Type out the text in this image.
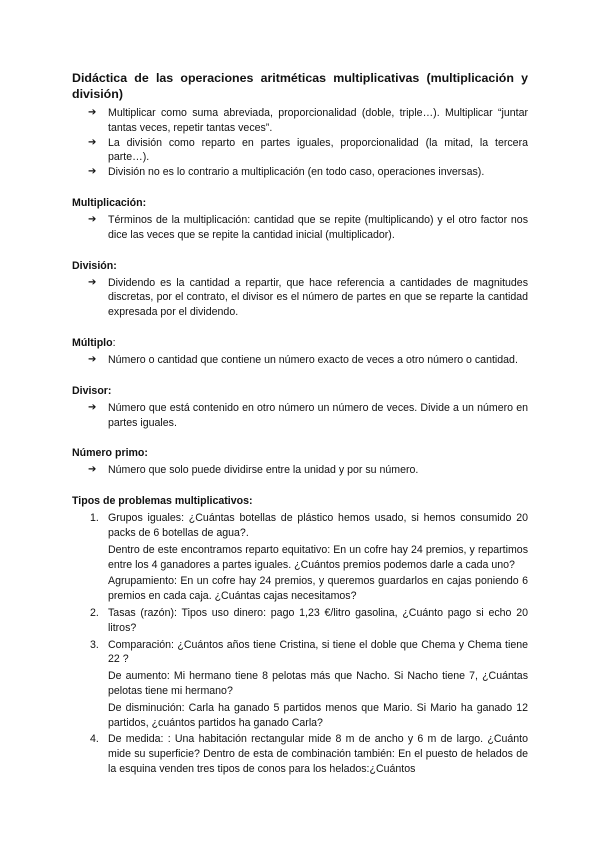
Didáctica de las operaciones aritméticas multiplicativas (multiplicación y división)
➔ Multiplicar como suma abreviada, proporcionalidad (doble, triple…). Multiplicar “juntar tantas veces, repetir tantas veces”.
➔ La división como reparto en partes iguales, proporcionalidad (la mitad, la tercera parte…).
➔ División no es lo contrario a multiplicación (en todo caso, operaciones inversas).
Multiplicación:
➔ Términos de la multiplicación: cantidad que se repite (multiplicando) y el otro factor nos dice las veces que se repite la cantidad inicial (multiplicador).
División:
➔ Dividendo es la cantidad a repartir, que hace referencia a cantidades de magnitudes discretas, por el contrato, el divisor es el número de partes en que se reparte la cantidad expresada por el dividendo.
Múltiplo:
➔ Número o cantidad que contiene un número exacto de veces a otro número o cantidad.
Divisor:
➔ Número que está contenido en otro número un número de veces. Divide a un número en partes iguales.
Número primo:
➔ Número que solo puede dividirse entre la unidad y por su número.
Tipos de problemas multiplicativos:
1. Grupos iguales: ¿Cuántas botellas de plástico hemos usado, si hemos consumido 20 packs de 6 botellas de agua?.

Dentro de este encontramos reparto equitativo: En un cofre hay 24 premios, y repartimos entre los 4 ganadores a partes iguales. ¿Cuántos premios podemos darle a cada uno?

Agrupamiento: En un cofre hay 24 premios, y queremos guardarlos en cajas poniendo 6 premios en cada caja. ¿Cuántas cajas necesitamos?

2. Tasas (razón): Tipos uso dinero: pago 1,23 €/litro gasolina, ¿Cuánto pago si echo 20 litros?

3. Comparación: ¿Cuántos años tiene Cristina, si tiene el doble que Chema y Chema tiene 22 ?

De aumento: Mi hermano tiene 8 pelotas más que Nacho. Si Nacho tiene 7, ¿Cuántas pelotas tiene mi hermano?

De disminución: Carla ha ganado 5 partidos menos que Mario. Si Mario ha ganado 12 partidos, ¿cuántos partidos ha ganado Carla?

4. De medida: : Una habitación rectangular mide 8 m de ancho y 6 m de largo. ¿Cuánto mide su superficie? Dentro de esta de combinación también: En el puesto de helados de la esquina venden tres tipos de conos para los helados:¿Cuántos
